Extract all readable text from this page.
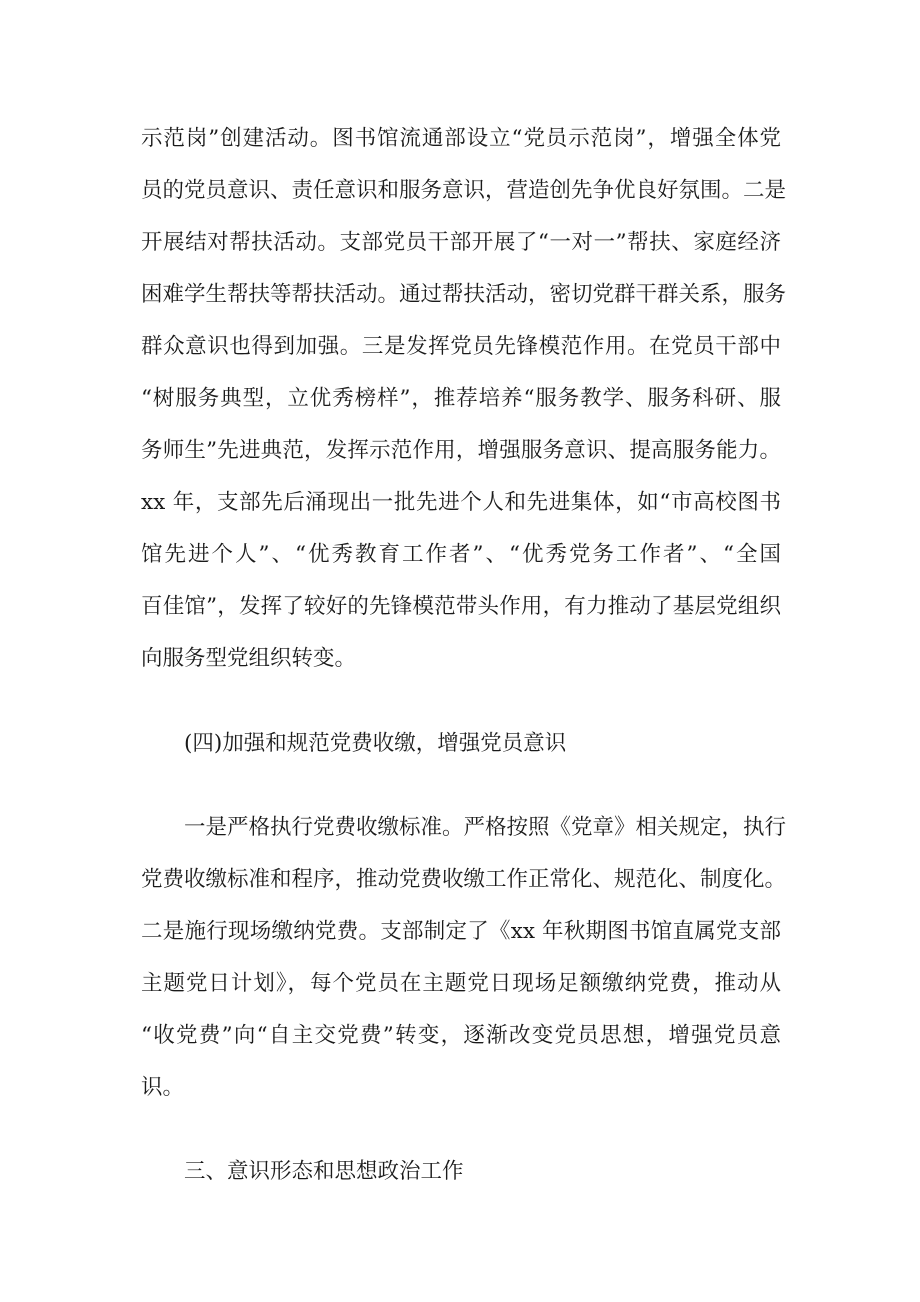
示范岗”创建活动。图书馆流通部设立“党员示范岗”，增强全体党

员的党员意识、责任意识和服务意识，营造创先争优良好氛围。二是

开展结对帮扶活动。支部党员干部开展了“一对一”帮扶、家庭经济

困难学生帮扶等帮扶活动。通过帮扶活动，密切党群干群关系，服务

群众意识也得到加强。三是发挥党员先锋模范作用。在党员干部中

“树服务典型，立优秀榜样”，推荐培养“服务教学、服务科研、服

务师生”先进典范，发挥示范作用，增强服务意识、提高服务能力。

xx 年，支部先后涌现出一批先进个人和先进集体，如“市高校图书

馆先进个人”、“优秀教育工作者”、“优秀党务工作者”、“全国

百佳馆”，发挥了较好的先锋模范带头作用，有力推动了基层党组织

向服务型党组织转变。

(四)加强和规范党费收缴，增强党员意识

一是严格执行党费收缴标准。严格按照《党章》相关规定，执行

党费收缴标准和程序，推动党费收缴工作正常化、规范化、制度化。

二是施行现场缴纳党费。支部制定了《xx 年秋期图书馆直属党支部

主题党日计划》，每个党员在主题党日现场足额缴纳党费，推动从

“收党费”向“自主交党费”转变，逐渐改变党员思想，增强党员意

识。

三、意识形态和思想政治工作
